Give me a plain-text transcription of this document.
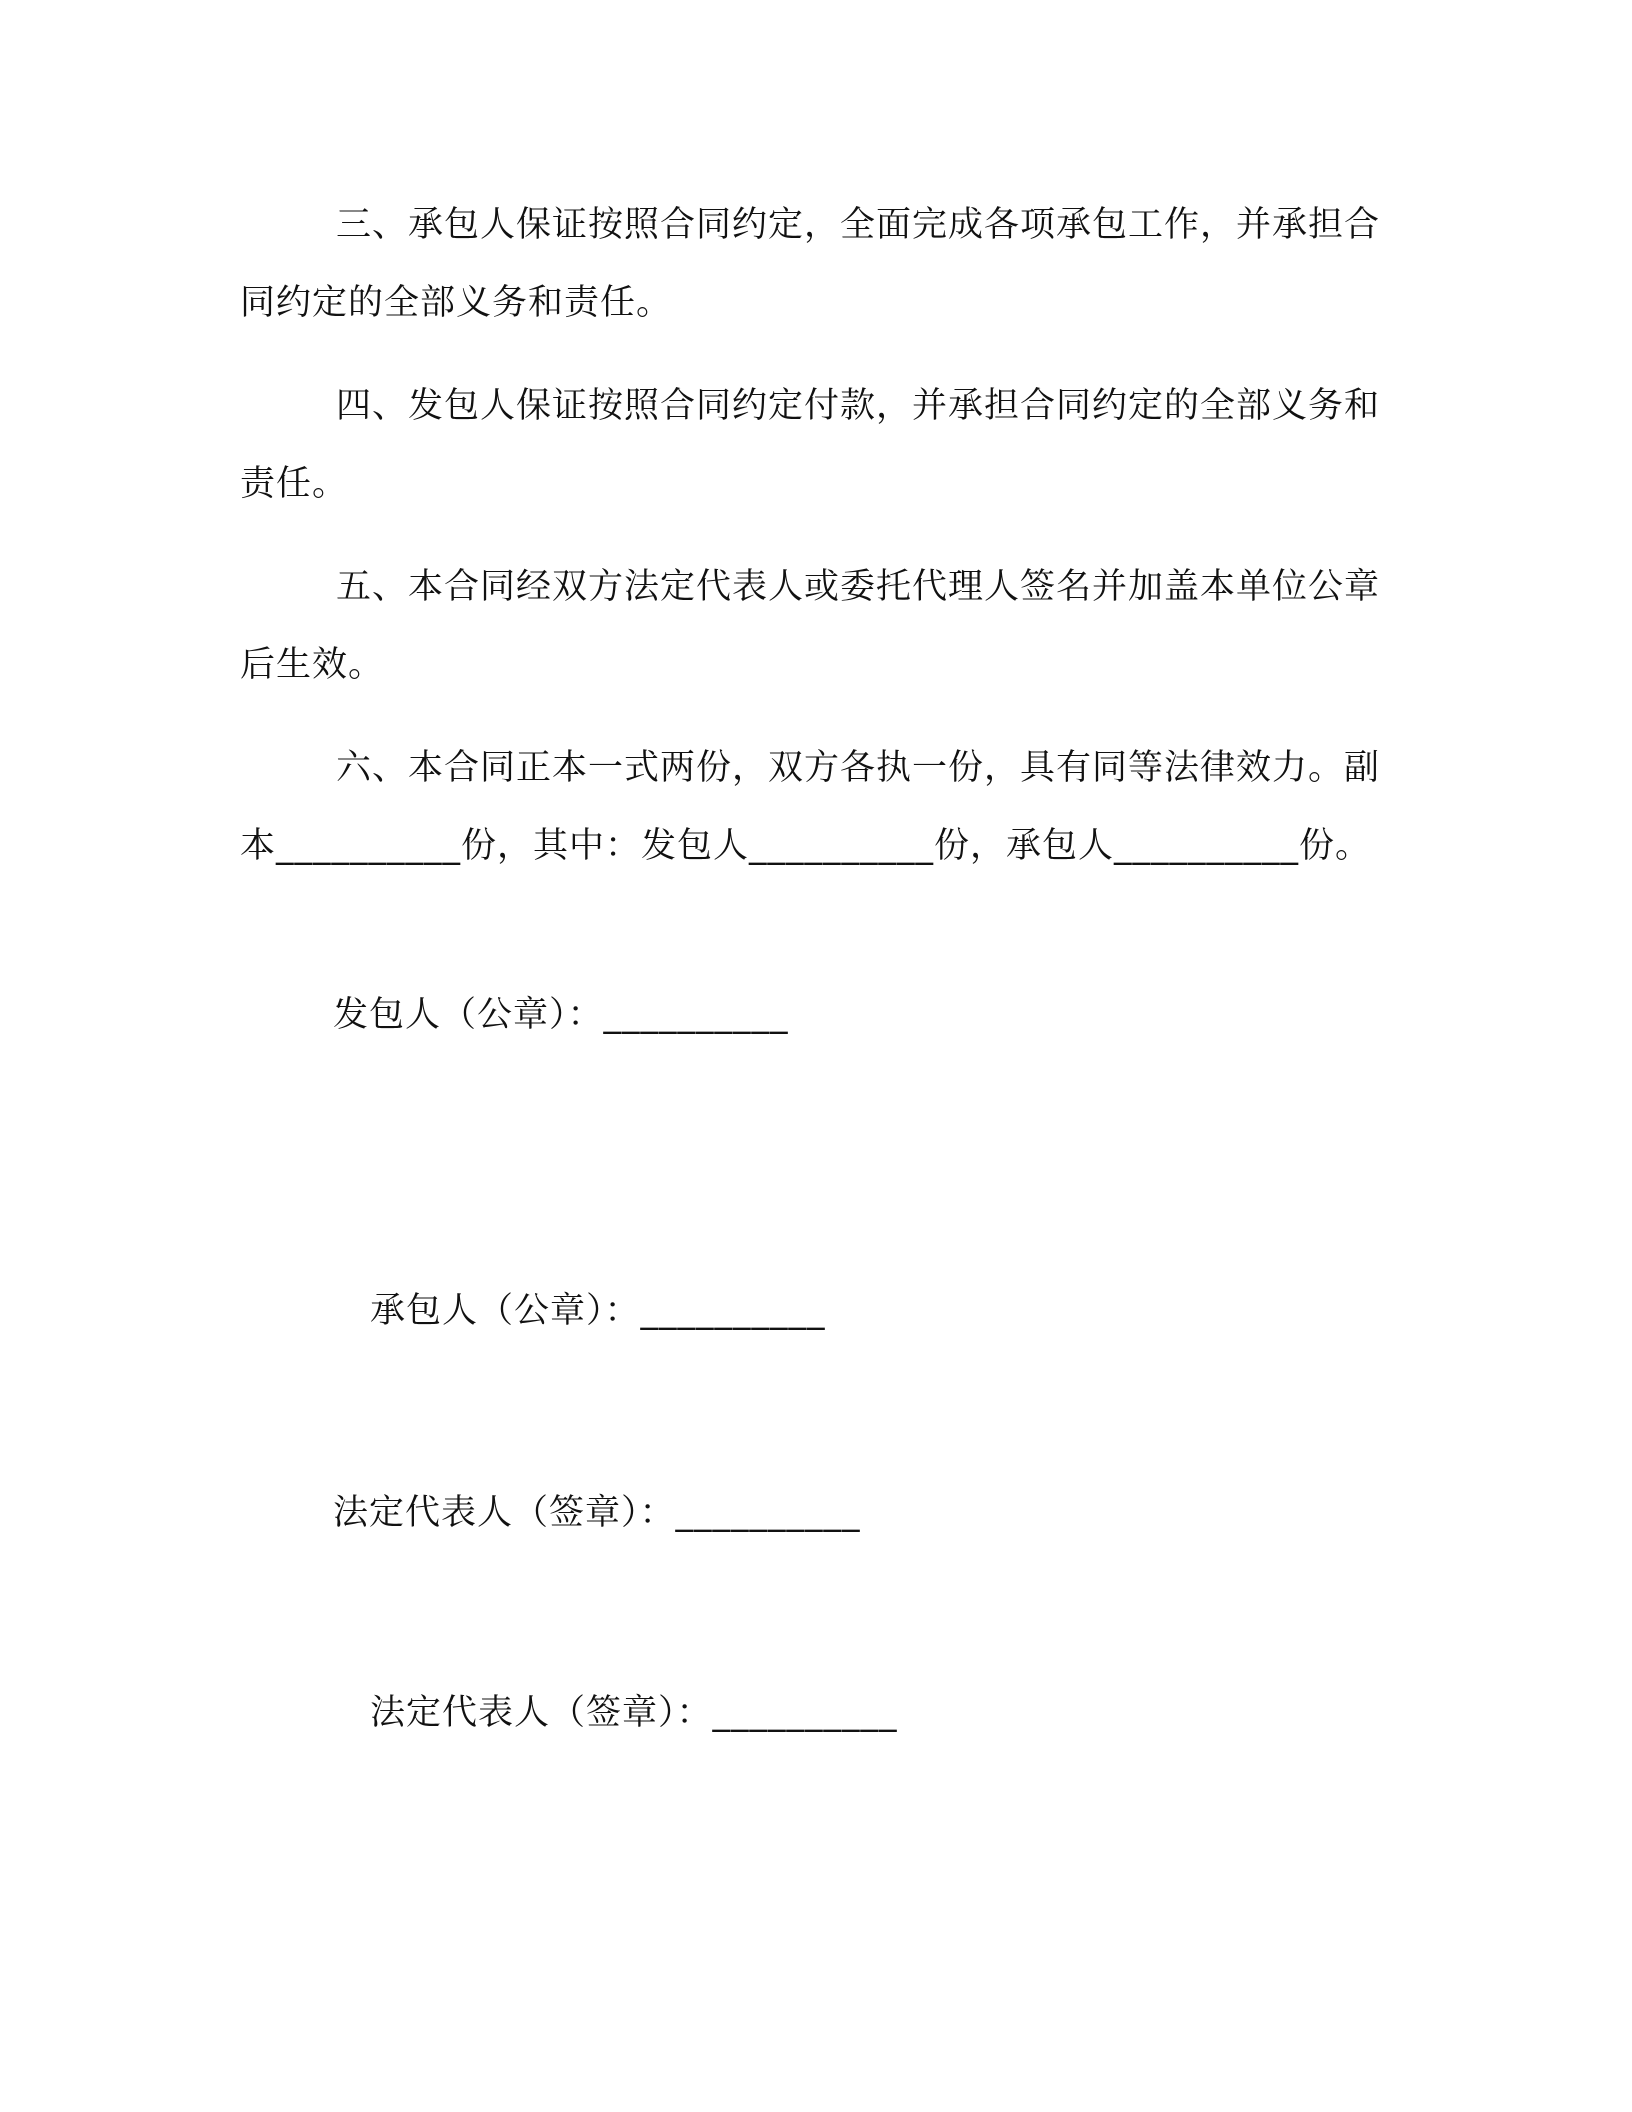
三、承包人保证按照合同约定，全面完成各项承包工作，并承担合同约定的全部义务和责任。

四、发包人保证按照合同约定付款，并承担合同约定的全部义务和责任。

五、本合同经双方法定代表人或委托代理人签名并加盖本单位公章后生效。

六、本合同正本一式两份，双方各执一份，具有同等法律效力。副本__________份，其中：发包人__________份，承包人__________份。

发包人（公章）：__________
承包人（公章）：__________
法定代表人（签章）：__________
法定代表人（签章）：__________
